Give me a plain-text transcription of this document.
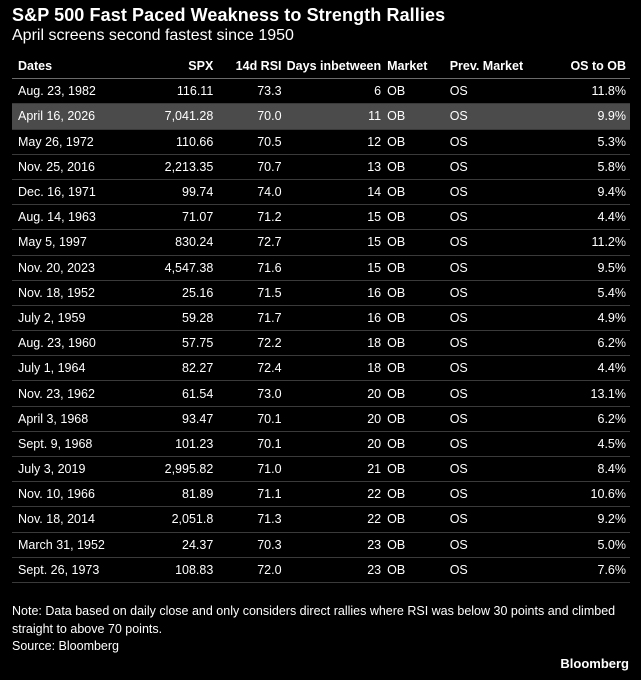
S&P 500 Fast Paced Weakness to Strength Rallies
April screens second fastest since 1950
Dates	SPX	14d RSI	Days inbetween	Market	Prev. Market	OS to OB
Aug. 23, 1982	116.11	73.3	6	OB	OS	11.8%
April 16, 2026	7,041.28	70.0	11	OB	OS	9.9%
May 26, 1972	110.66	70.5	12	OB	OS	5.3%
Nov. 25, 2016	2,213.35	70.7	13	OB	OS	5.8%
Dec. 16, 1971	99.74	74.0	14	OB	OS	9.4%
Aug. 14, 1963	71.07	71.2	15	OB	OS	4.4%
May 5, 1997	830.24	72.7	15	OB	OS	11.2%
Nov. 20, 2023	4,547.38	71.6	15	OB	OS	9.5%
Nov. 18, 1952	25.16	71.5	16	OB	OS	5.4%
July 2, 1959	59.28	71.7	16	OB	OS	4.9%
Aug. 23, 1960	57.75	72.2	18	OB	OS	6.2%
July 1, 1964	82.27	72.4	18	OB	OS	4.4%
Nov. 23, 1962	61.54	73.0	20	OB	OS	13.1%
April 3, 1968	93.47	70.1	20	OB	OS	6.2%
Sept. 9, 1968	101.23	70.1	20	OB	OS	4.5%
July 3, 2019	2,995.82	71.0	21	OB	OS	8.4%
Nov. 10, 1966	81.89	71.1	22	OB	OS	10.6%
Nov. 18, 2014	2,051.8	71.3	22	OB	OS	9.2%
March 31, 1952	24.37	70.3	23	OB	OS	5.0%
Sept. 26, 1973	108.83	72.0	23	OB	OS	7.6%
Note: Data based on daily close and only considers direct rallies where RSI was below 30 points and climbed straight to above 70 points.
Source: Bloomberg
Bloomberg
